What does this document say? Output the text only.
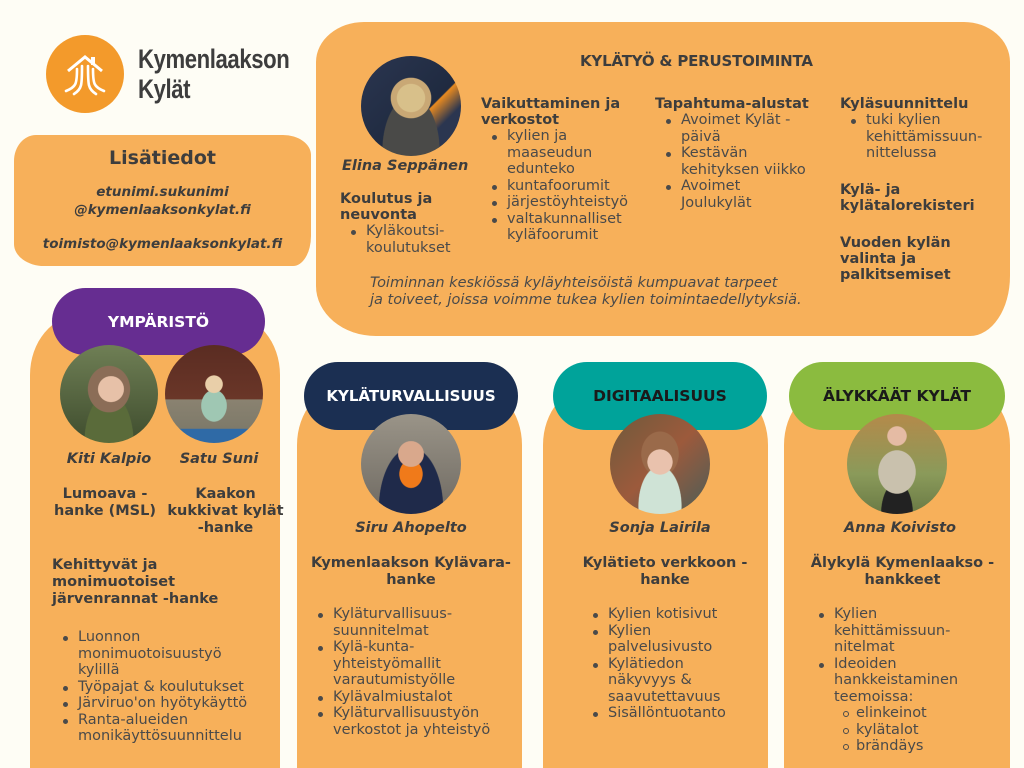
Kymenlaakson
Kylät
Lisätiedot
etunimi.sukunimi
@kymenlaaksonkylat.fi
toimisto@kymenlaaksonkylat.fi
KYLÄTYÖ & PERUSTOIMINTA
Elina Seppänen
Koulutus ja neuvonta
Kyläkoutsi-koulutukset
Vaikuttaminen ja verkostot
kylien ja maaseudun edunteko
kuntafoorumit
järjestöyhteistyö
valtakunnalliset kyläfoorumit
Tapahtuma-alustat
Avoimet Kylät -päivä
Kestävän kehityksen viikko
Avoimet Joulukylät
Kyläsuunnittelu
tuki kylien kehittämissuun-nittelussa
Kylä- ja kylätalorekisteri
Vuoden kylän valinta ja palkitsemiset
Toiminnan keskiössä kyläyhteisöistä kumpuavat tarpeet
ja toiveet, joissa voimme tukea kylien toimintaedellytyksiä.
YMPÄRISTÖ
Kiti Kalpio	Satu Suni
Lumoava - hanke (MSL)
Kaakon kukkivat kylät -hanke
Kehittyvät ja monimuotoiset järvenrannat -hanke
Luonnon monimuotoisuustyö kylillä
Työpajat & koulutukset
Järviruo'on hyötykäyttö
Ranta-alueiden monikäyttösuunnittelu
KYLÄTURVALLISUUS
Siru Ahopelto
Kymenlaakson Kylävara-hanke
Kyläturvallisuus-suunnitelmat
Kylä-kunta-yhteistyömallit varautumistyölle
Kylävalmiustalot
Kyläturvallisuustyön verkostot ja yhteistyö
DIGITAALISUUS
Sonja Lairila
Kylätieto verkkoon - hanke
Kylien kotisivut
Kylien palvelusivusto
Kylätiedon näkyvyys & saavutettavuus
Sisällöntuotanto
ÄLYKKÄÄT KYLÄT
Anna Koivisto
Älykylä Kymenlaakso - hankkeet
Kylien kehittämissuun-nitelmat
Ideoiden hankkeistaminen teemoissa:
elinkeinot
kylätalot
brändäys
